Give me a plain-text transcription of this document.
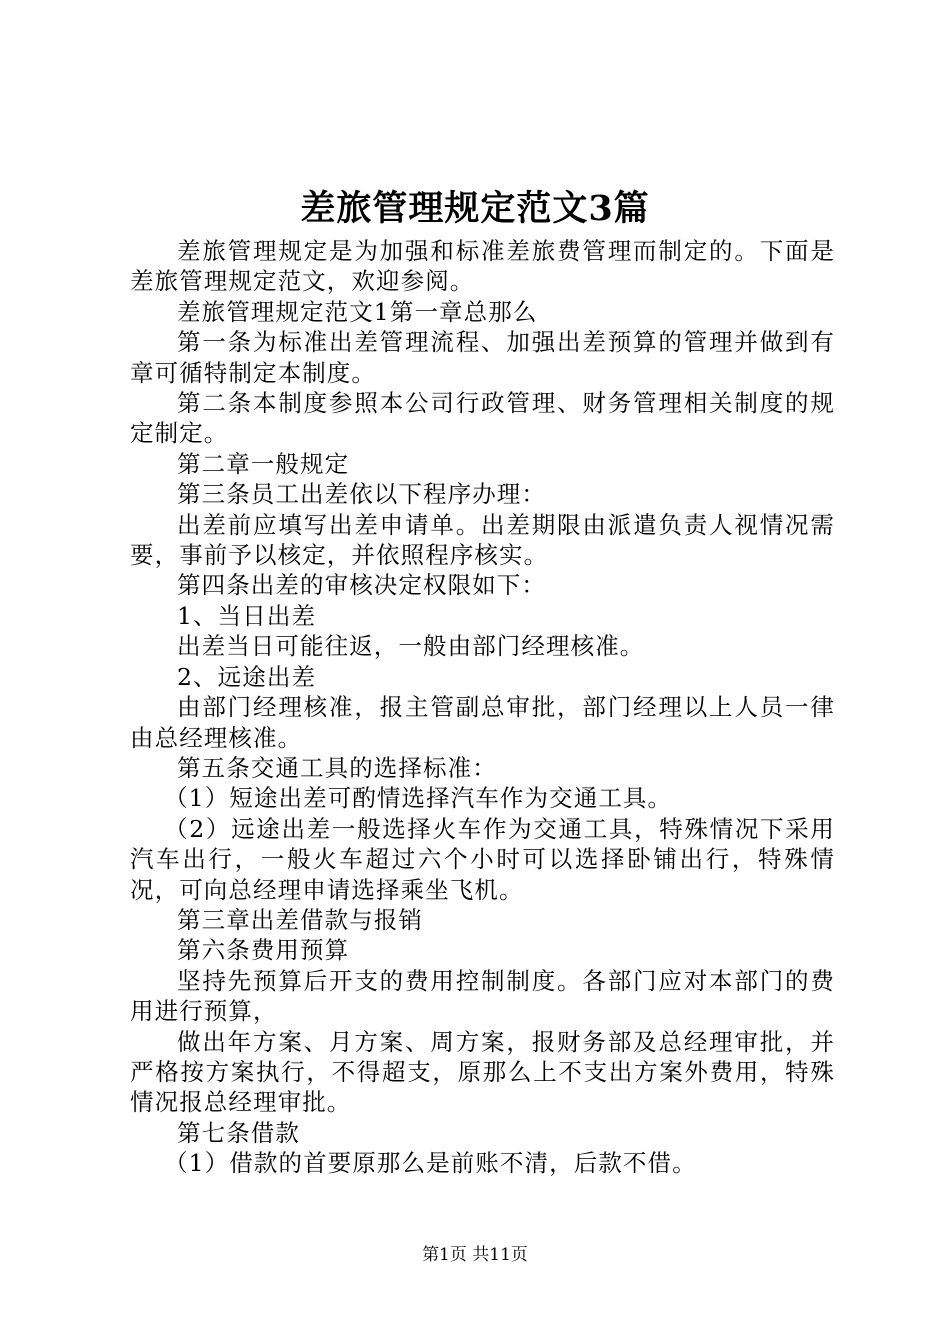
差旅管理规定范文3篇

差旅管理规定是为加强和标准差旅费管理而制定的。下面是差旅管理规定范文，欢迎参阅。

差旅管理规定范文1第一章总那么

第一条为标准出差管理流程、加强出差预算的管理并做到有章可循特制定本制度。

第二条本制度参照本公司行政管理、财务管理相关制度的规定制定。

第二章一般规定

第三条员工出差依以下程序办理：

出差前应填写出差申请单。出差期限由派遣负责人视情况需要，事前予以核定，并依照程序核实。

第四条出差的审核决定权限如下：

1、当日出差

出差当日可能往返，一般由部门经理核准。

2、远途出差

由部门经理核准，报主管副总审批，部门经理以上人员一律由总经理核准。

第五条交通工具的选择标准：

（1）短途出差可酌情选择汽车作为交通工具。

（2）远途出差一般选择火车作为交通工具，特殊情况下采用汽车出行，一般火车超过六个小时可以选择卧铺出行，特殊情况，可向总经理申请选择乘坐飞机。

第三章出差借款与报销

第六条费用预算

坚持先预算后开支的费用控制制度。各部门应对本部门的费用进行预算，

做出年方案、月方案、周方案，报财务部及总经理审批，并严格按方案执行，不得超支，原那么上不支出方案外费用，特殊情况报总经理审批。

第七条借款

（1）借款的首要原那么是前账不清，后款不借。

第1页 共11页
